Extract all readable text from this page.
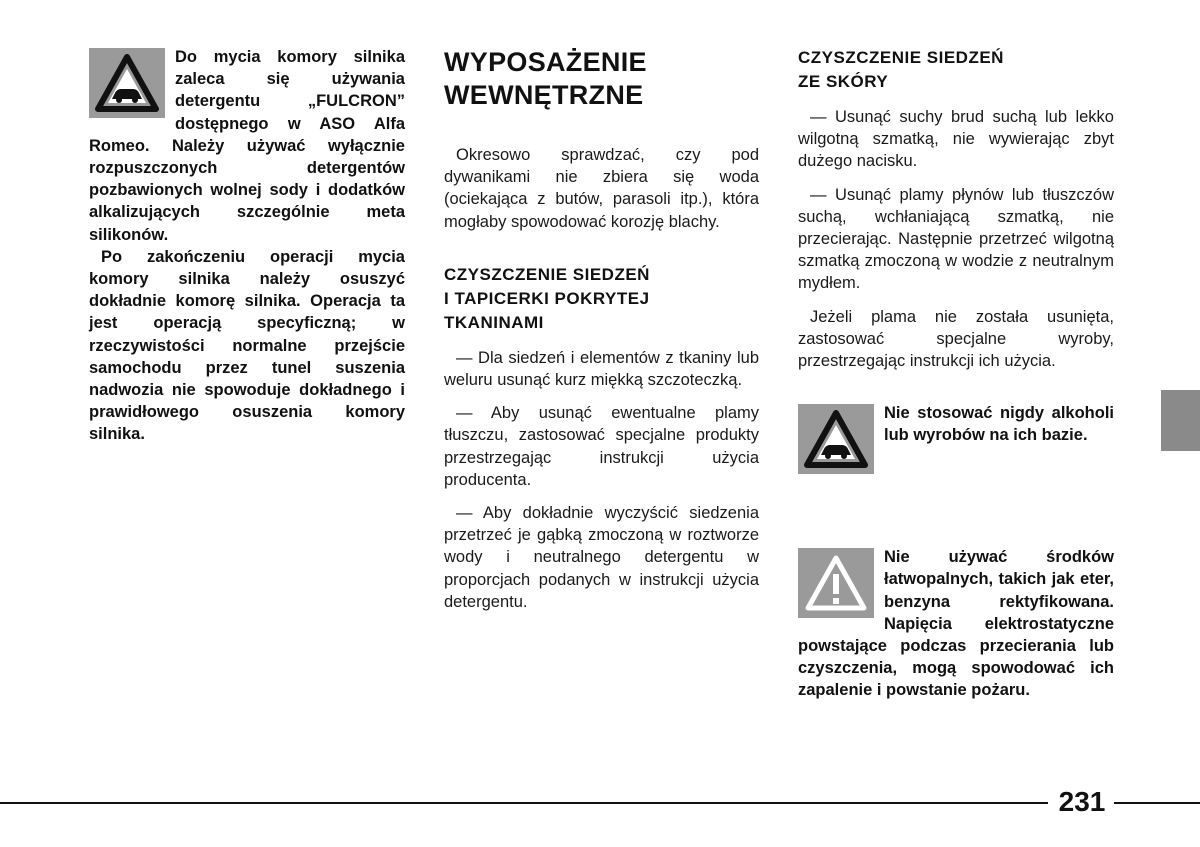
Do mycia komory silnika zaleca się używania detergentu „FULCRON” dostępnego w ASO Alfa Romeo. Należy używać wyłącznie rozpuszczonych detergentów pozbawionych wolnej sody i dodatków alkalizujących szczególnie meta silikonów.

Po zakończeniu operacji mycia komory silnika należy osuszyć dokładnie komorę silnika. Operacja ta jest operacją specyficzną; w rzeczywistości normalne przejście samochodu przez tunel suszenia nadwozia nie spowoduje dokładnego i prawidłowego osuszenia komory silnika.

WYPOSAŻENIE
WEWNĘTRZNE

Okresowo sprawdzać, czy pod dywanikami nie zbiera się woda (ociekająca z butów, parasoli itp.), która mogłaby spowodować korozję blachy.

CZYSZCZENIE SIEDZEŃ
I TAPICERKI POKRYTEJ
TKANINAMI

— Dla siedzeń i elementów z tkaniny lub weluru usunąć kurz miękką szczoteczką.

— Aby usunąć ewentualne plamy tłuszczu, zastosować specjalne produkty przestrzegając instrukcji użycia producenta.

— Aby dokładnie wyczyścić siedzenia przetrzeć je gąbką zmoczoną w roztworze wody i neutralnego detergentu w proporcjach podanych w instrukcji użycia detergentu.

CZYSZCZENIE SIEDZEŃ
ZE SKÓRY

— Usunąć suchy brud suchą lub lekko wilgotną szmatką, nie wywierając zbyt dużego nacisku.

— Usunąć plamy płynów lub tłuszczów suchą, wchłaniającą szmatką, nie przecierając. Następnie przetrzeć wilgotną szmatką zmoczoną w wodzie z neutralnym mydłem.

Jeżeli plama nie została usunięta, zastosować specjalne wyroby, przestrzegając instrukcji ich użycia.

Nie stosować nigdy alkoholi lub wyrobów na ich bazie.

Nie używać środków łatwopalnych, takich jak eter, benzyna rektyfikowana. Napięcia elektrostatyczne powstające podczas przecierania lub czyszczenia, mogą spowodować ich zapalenie i powstanie pożaru.

231
